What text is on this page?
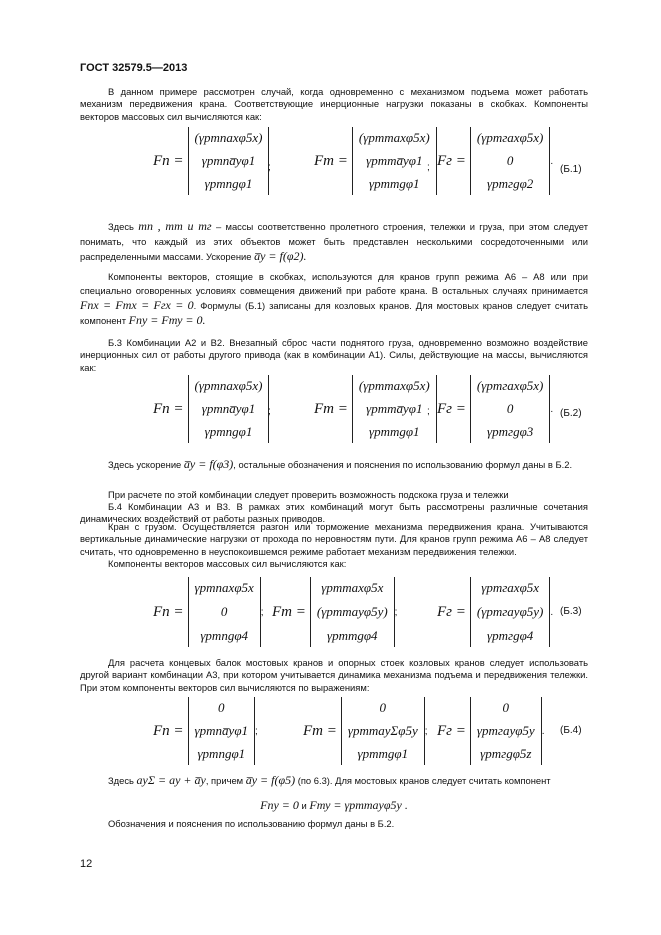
ГОСТ 32579.5—2013
В данном примере рассмотрен случай, когда одновременно с механизмом подъема может работать механизм передвижения крана. Соответствующие инерционные нагрузки показаны в скобках. Компоненты векторов массовых сил вычисляются как:
Fп =
(γpmпaxφ5x)
γpmпa̅yφ1
γpmпgφ1
;	Fт =
(γpmтaxφ5x)
γpmтa̅yφ1
γpmтgφ1
; Fг =
(γpmгaxφ5x)
0
γpmгgφ2
.
(Б.1)
Здесь mп , mт и mг – массы соответственно пролетного строения, тележки и груза, при этом следует понимать, что каждый из этих объектов может быть представлен несколькими сосредоточенными или распределенными массами. Ускорение a̅y = f(φ2).
Компоненты векторов, стоящие в скобках, используются для кранов групп режима А6 – А8 или при специально оговоренных условиях совмещения движений при работе крана. В остальных случаях принимается Fпх = Fтх = Fгх = 0. Формулы (Б.1) записаны для козловых кранов. Для мостовых кранов следует считать компонент Fпу = Fту = 0.
Б.3 Комбинации А2 и В2. Внезапный сброс части поднятого груза, одновременно возможно воздействие инерционных сил от работы другого привода (как в комбинации А1). Силы, действующие на массы, вычисляются как:
Fп =
(γpmпaxφ5x)
γpmпa̅yφ1
γpmпgφ1
;	Fт =
(γpmтaxφ5x)
γpmтa̅yφ1
γpmтgφ1
; Fг =
(γpmгaxφ5x)
0
γpmгgφ3
. (Б.2)
Здесь ускорение a̅y = f(φ3), остальные обозначения и пояснения по использованию формул даны в Б.2.
При расчете по этой комбинации следует проверить возможность подскока груза и тележки
Б.4 Комбинации А3 и В3. В рамках этих комбинаций могут быть рассмотрены различные сочетания динамических воздействий от работы разных приводов.
Кран с грузом. Осуществляется разгон или торможение механизма передвижения крана. Учитываются вертикальные динамические нагрузки от прохода по неровностям пути. Для кранов групп режима А6 – А8 следует считать, что одновременно в неуспокоившемся режиме работает механизм передвижения тележки.
Компоненты векторов массовых сил вычисляются как:
Fп =
γpmпaxφ5x
0
γpmпgφ4
; Fт =
γpmтaxφ5x
(γpmтayφ5y)
γpmтgφ4
;	Fг =
γpmгaxφ5x
(γpmгayφ5y)
γpmгgφ4
. (Б.3)
Для расчета концевых балок мостовых кранов и опорных стоек козловых кранов следует использовать другой вариант комбинации А3, при котором учитывается динамика механизма подъема и передвижения тележки. При этом компоненты векторов сил вычисляются по выражениям:
Fп =
0
γpmпa̅yφ1
γpmпgφ1
;	Fт =
0
γpmтayΣφ5y
γpmтgφ1
; Fг =
0
γpmгayφ5y
γpmгgφ5z
. (Б.4)
Здесь ayΣ = ay + a̅y, причем a̅y = f(φ5) (по 6.3). Для мостовых кранов следует считать компонент
Fпу = 0 и Fту = γpmтayφ5y .
Обозначения и пояснения по использованию формул даны в Б.2.
12
